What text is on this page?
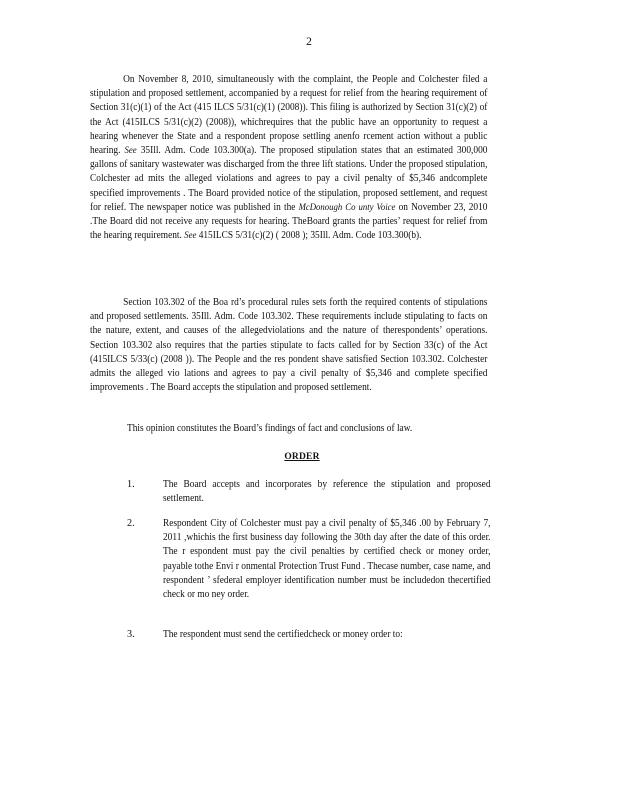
2

On November 8, 2010, simultaneously with the complaint, the People and Colchester filed a stipulation and proposed settlement, accompanied by a request for relief from the hearing requirement of Section 31(c)(1) of the Act (415 ILCS 5/31(c)(1) (2008)). This filing is authorized by Section 31(c)(2) of the Act (415ILCS 5/31(c)(2) (2008)), whichrequires that the public have an opportunity to request a hearing whenever the State and a respondent propose settling anenfo rcement action without a public hearing. See 35Ill. Adm. Code 103.300(a). The proposed stipulation states that an estimated 300,000 gallons of sanitary wastewater was discharged from the three lift stations. Under the proposed stipulation, Colchester ad mits the alleged violations and agrees to pay a civil penalty of $5,346 andcomplete specified improvements . The Board provided notice of the stipulation, proposed settlement, and request for relief. The newspaper notice was published in the McDonough Co unty Voice on November 23, 2010 .The Board did not receive any requests for hearing. TheBoard grants the parties’ request for relief from the hearing requirement. See 415ILCS 5/31(c)(2) ( 2008 ); 35Ill. Adm. Code 103.300(b).

Section 103.302 of the Boa rd’s procedural rules sets forth the required contents of stipulations and proposed settlements. 35Ill. Adm. Code 103.302. These requirements include stipulating to facts on the nature, extent, and causes of the allegedviolations and the nature of therespondents’ operations. Section 103.302 also requires that the parties stipulate to facts called for by Section 33(c) of the Act (415ILCS 5/33(c) (2008 )). The People and the res pondent shave satisfied Section 103.302. Colchester admits the alleged vio lations and agrees to pay a civil penalty of $5,346 and complete specified improvements . The Board accepts the stipulation and proposed settlement.

This opinion constitutes the Board’s findings of fact and conclusions of law.
ORDER
1.	The Board accepts and incorporates by reference the stipulation and proposed settlement.
2.	Respondent City of Colchester must pay a civil penalty of $5,346 .00 by February 7, 2011 ,whichis the first business day following the 30th day after the date of this order. The r espondent must pay the civil penalties by certified check or money order, payable tothe Envi r onmental Protection Trust Fund . Thecase number, case name, and respondent ’ sfederal employer identification number must be includedon thecertified check or mo ney order.
3.	The respondent must send the certifiedcheck or money order to:
